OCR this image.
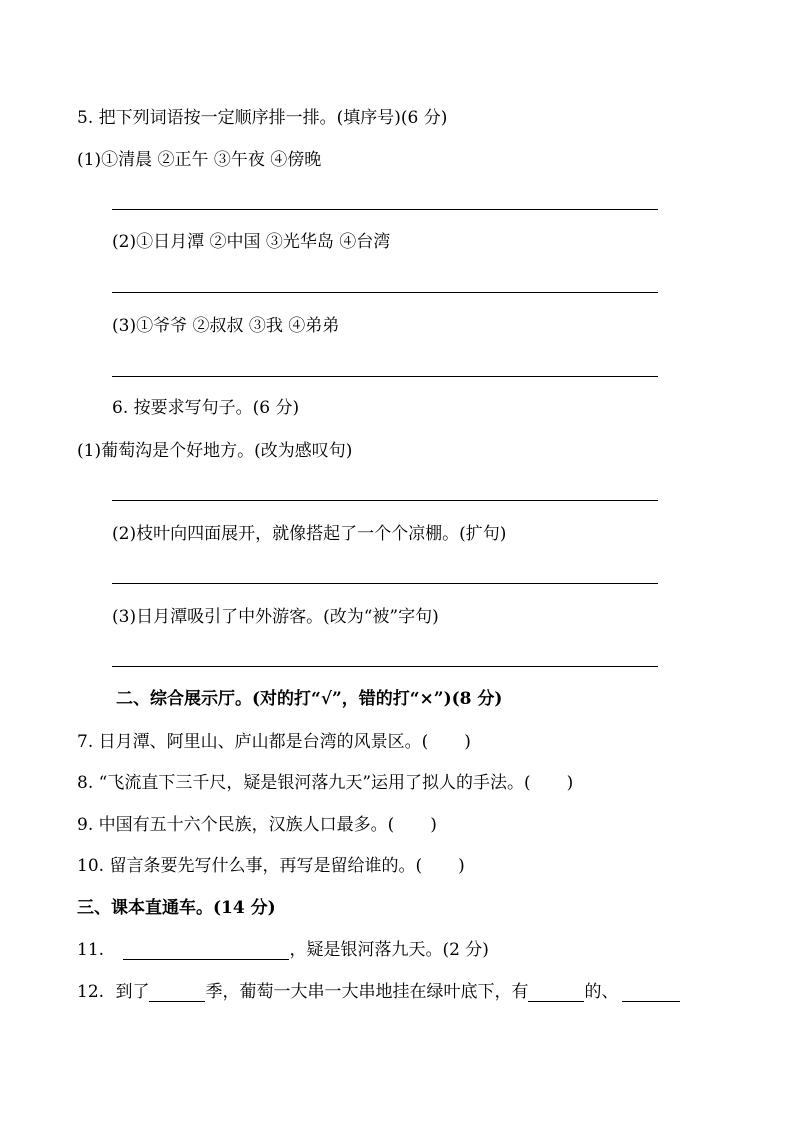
5. 把下列词语按一定顺序排一排。(填序号)(6 分)
(1)①清晨 ②正午 ③午夜 ④傍晚
(2)①日月潭 ②中国 ③光华岛 ④台湾
(3)①爷爷 ②叔叔 ③我 ④弟弟
6. 按要求写句子。(6 分)
(1)葡萄沟是个好地方。(改为感叹句)
(2)枝叶向四面展开，就像搭起了一个个凉棚。(扩句)
(3)日月潭吸引了中外游客。(改为“被”字句)
二、综合展示厅。(对的打“√”，错的打“×”)(8 分)
7. 日月潭、阿里山、庐山都是台湾的风景区。( )
8. “飞流直下三千尺，疑是银河落九天”运用了拟人的手法。( )
9. 中国有五十六个民族，汉族人口最多。( )
10. 留言条要先写什么事，再写是留给谁的。( )
三、课本直通车。(14 分)
11.	，疑是银河落九天。(2 分)
12. 到了	季，葡萄一大串一大串地挂在绿叶底下，有	的、
